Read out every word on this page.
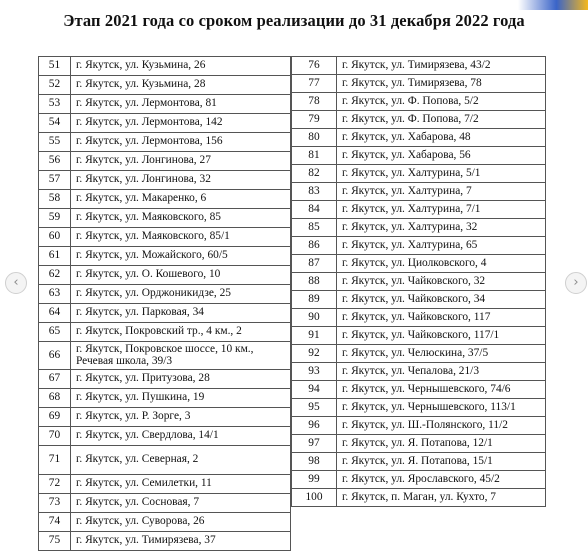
Этап 2021 года со сроком реализации до 31 декабря 2022 года
51	г. Якутск, ул. Кузьмина, 26
52	г. Якутск, ул. Кузьмина, 28
53	г. Якутск, ул. Лермонтова, 81
54	г. Якутск, ул. Лермонтова, 142
55	г. Якутск, ул. Лермонтова, 156
56	г. Якутск, ул. Лонгинова, 27
57	г. Якутск, ул. Лонгинова, 32
58	г. Якутск, ул. Макаренко, 6
59	г. Якутск, ул. Маяковского, 85
60	г. Якутск, ул. Маяковского, 85/1
61	г. Якутск, ул. Можайского, 60/5
62	г. Якутск, ул. О. Кошевого, 10
63	г. Якутск, ул. Орджоникидзе, 25
64	г. Якутск, ул. Парковая, 34
65	г. Якутск, Покровский тр., 4 км., 2
66	г. Якутск, Покровское шоссе, 10 км.,
Речевая школа, 39/3

67	г. Якутск, ул. Притузова, 28
68	г. Якутск, ул. Пушкина, 19
69	г. Якутск, ул. Р. Зорге, 3
70	г. Якутск, ул. Свердлова, 14/1
71	г. Якутск, ул. Северная, 2
72	г. Якутск, ул. Семилетки, 11
73	г. Якутск, ул. Сосновая, 7
74	г. Якутск, ул. Суворова, 26
75	г. Якутск, ул. Тимирязева, 37
76	г. Якутск, ул. Тимирязева, 43/2
77	г. Якутск, ул. Тимирязева, 78
78	г. Якутск, ул. Ф. Попова, 5/2
79	г. Якутск, ул. Ф. Попова, 7/2
80	г. Якутск, ул. Хабарова, 48
81	г. Якутск, ул. Хабарова, 56
82	г. Якутск, ул. Халтурина, 5/1
83	г. Якутск, ул. Халтурина, 7
84	г. Якутск, ул. Халтурина, 7/1
85	г. Якутск, ул. Халтурина, 32
86	г. Якутск, ул. Халтурина, 65
87	г. Якутск, ул. Циолковского, 4
88	г. Якутск, ул. Чайковского, 32
89	г. Якутск, ул. Чайковского, 34
90	г. Якутск, ул. Чайковского, 117
91	г. Якутск, ул. Чайковского, 117/1
92	г. Якутск, ул. Челюскина, 37/5
93	г. Якутск, ул. Чепалова, 21/3
94	г. Якутск, ул. Чернышевского, 74/6
95	г. Якутск, ул. Чернышевского, 113/1
96	г. Якутск, ул. Ш.-Полянского, 11/2
97	г. Якутск, ул. Я. Потапова, 12/1
98	г. Якутск, ул. Я. Потапова, 15/1
99	г. Якутск, ул. Ярославского, 45/2
100	г. Якутск, п. Маган, ул. Кухто, 7
‹	›
